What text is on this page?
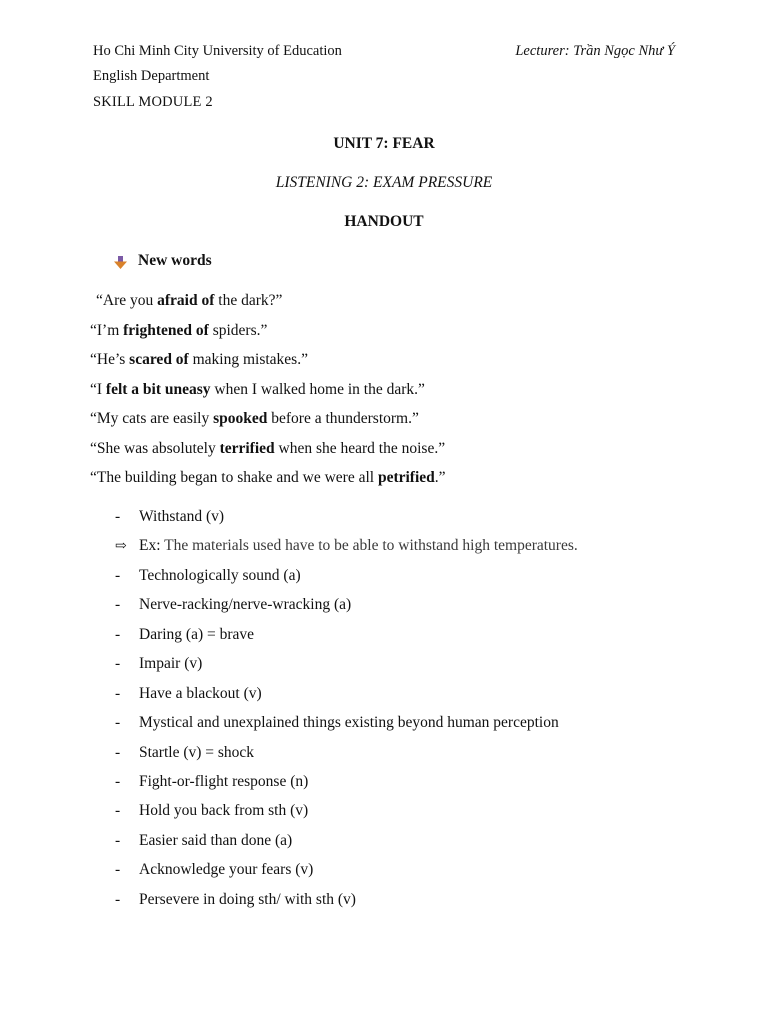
Ho Chi Minh City University of Education
English Department
SKILL MODULE 2
Lecturer: Trần Ngọc Như Ý
UNIT 7: FEAR
LISTENING 2: EXAM PRESSURE
HANDOUT
New words
“Are you afraid of the dark?”
“I’m frightened of spiders.”
“He’s scared of making mistakes.”
“I felt a bit uneasy when I walked home in the dark.”
“My cats are easily spooked before a thunderstorm.”
“She was absolutely terrified when she heard the noise.”
“The building began to shake and we were all petrified.”
-	Withstand (v)
⇨ Ex: The materials used have to be able to withstand high temperatures.
-	Technologically sound (a)
-	Nerve-racking/nerve-wracking (a)
-	Daring (a) = brave
-	Impair (v)
-	Have a blackout (v)
-	Mystical and unexplained things existing beyond human perception
-	Startle (v) = shock
-	Fight-or-flight response (n)
-	Hold you back from sth (v)
-	Easier said than done (a)
-	Acknowledge your fears (v)
-	Persevere in doing sth/ with sth (v)
